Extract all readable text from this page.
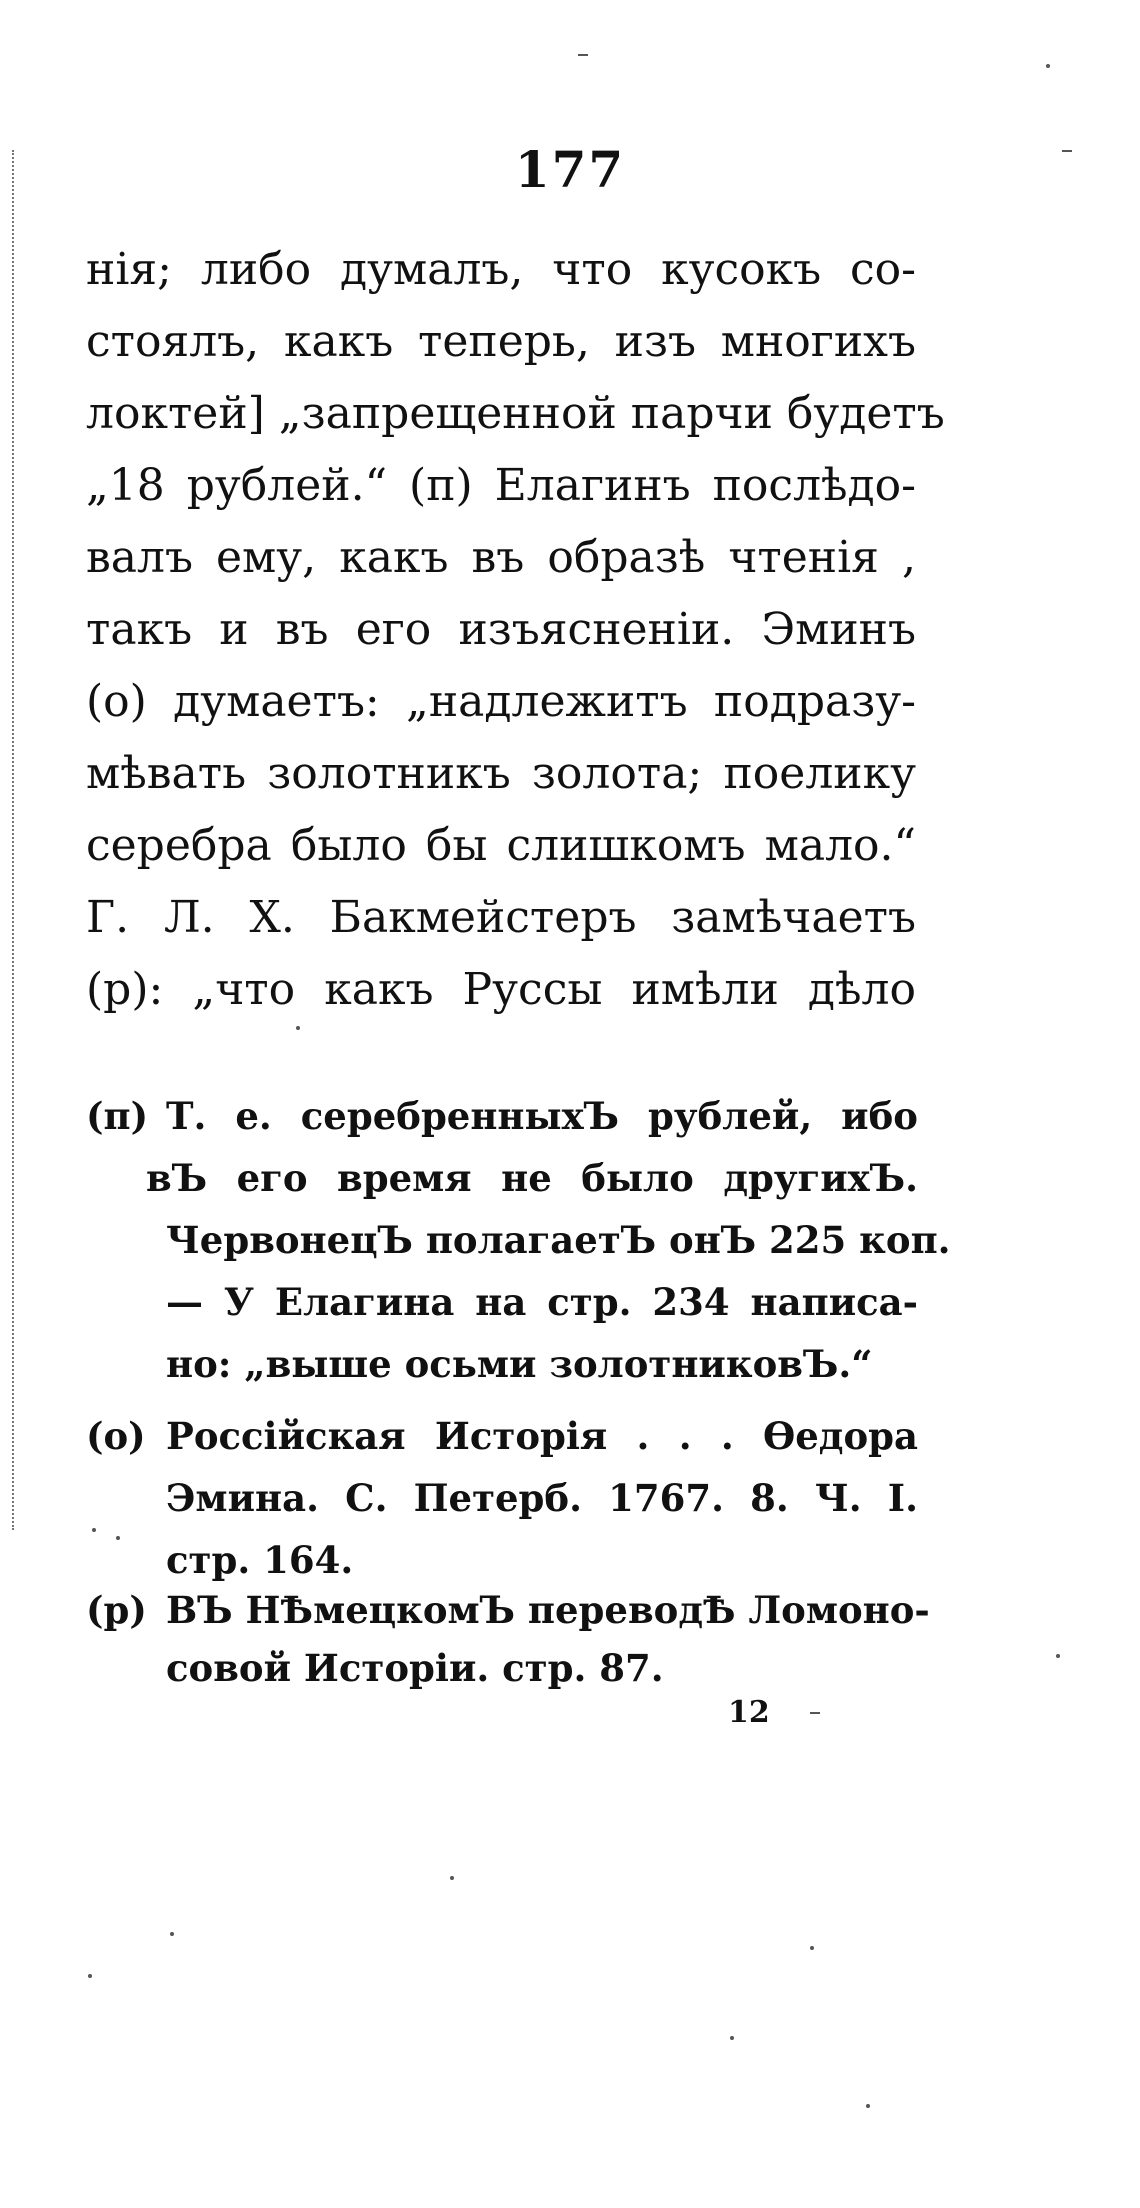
177
нія; либо думалъ, что кусокъ со-
стоялъ, какъ теперь, изъ многихъ
локтей] „запрещенной парчи будетъ
„18 рублей.“ (п) Елагинъ послѣдо-
валъ ему, какъ въ образѣ чтенія ,
такъ и въ его изъясненіи. Эминъ
(о) думаетъ: „надлежитъ подразу-
мѣвать золотникъ золота; поелику
серебра было бы слишкомъ мало.“
Г. Л. Х. Бакмейстеръ замѣчаетъ
(р): „что какъ Руссы имѣли дѣло
(п) Т. е. серебренныхЪ рублей, ибо
вЪ его время не было другихЪ.
ЧервонецЪ полагаетЪ онЪ 225 коп.
— У Елагина на стр. 234 написа-
но: „выше осьми золотниковЪ.“
(о) Россійская Исторія . . . Өедора
Эмина. С. Петерб. 1767. 8. Ч. I.
стр. 164.
(р) ВЪ НѢмецкомЪ переводѢ Ломоно-
совой Исторіи. стр. 87.
12
